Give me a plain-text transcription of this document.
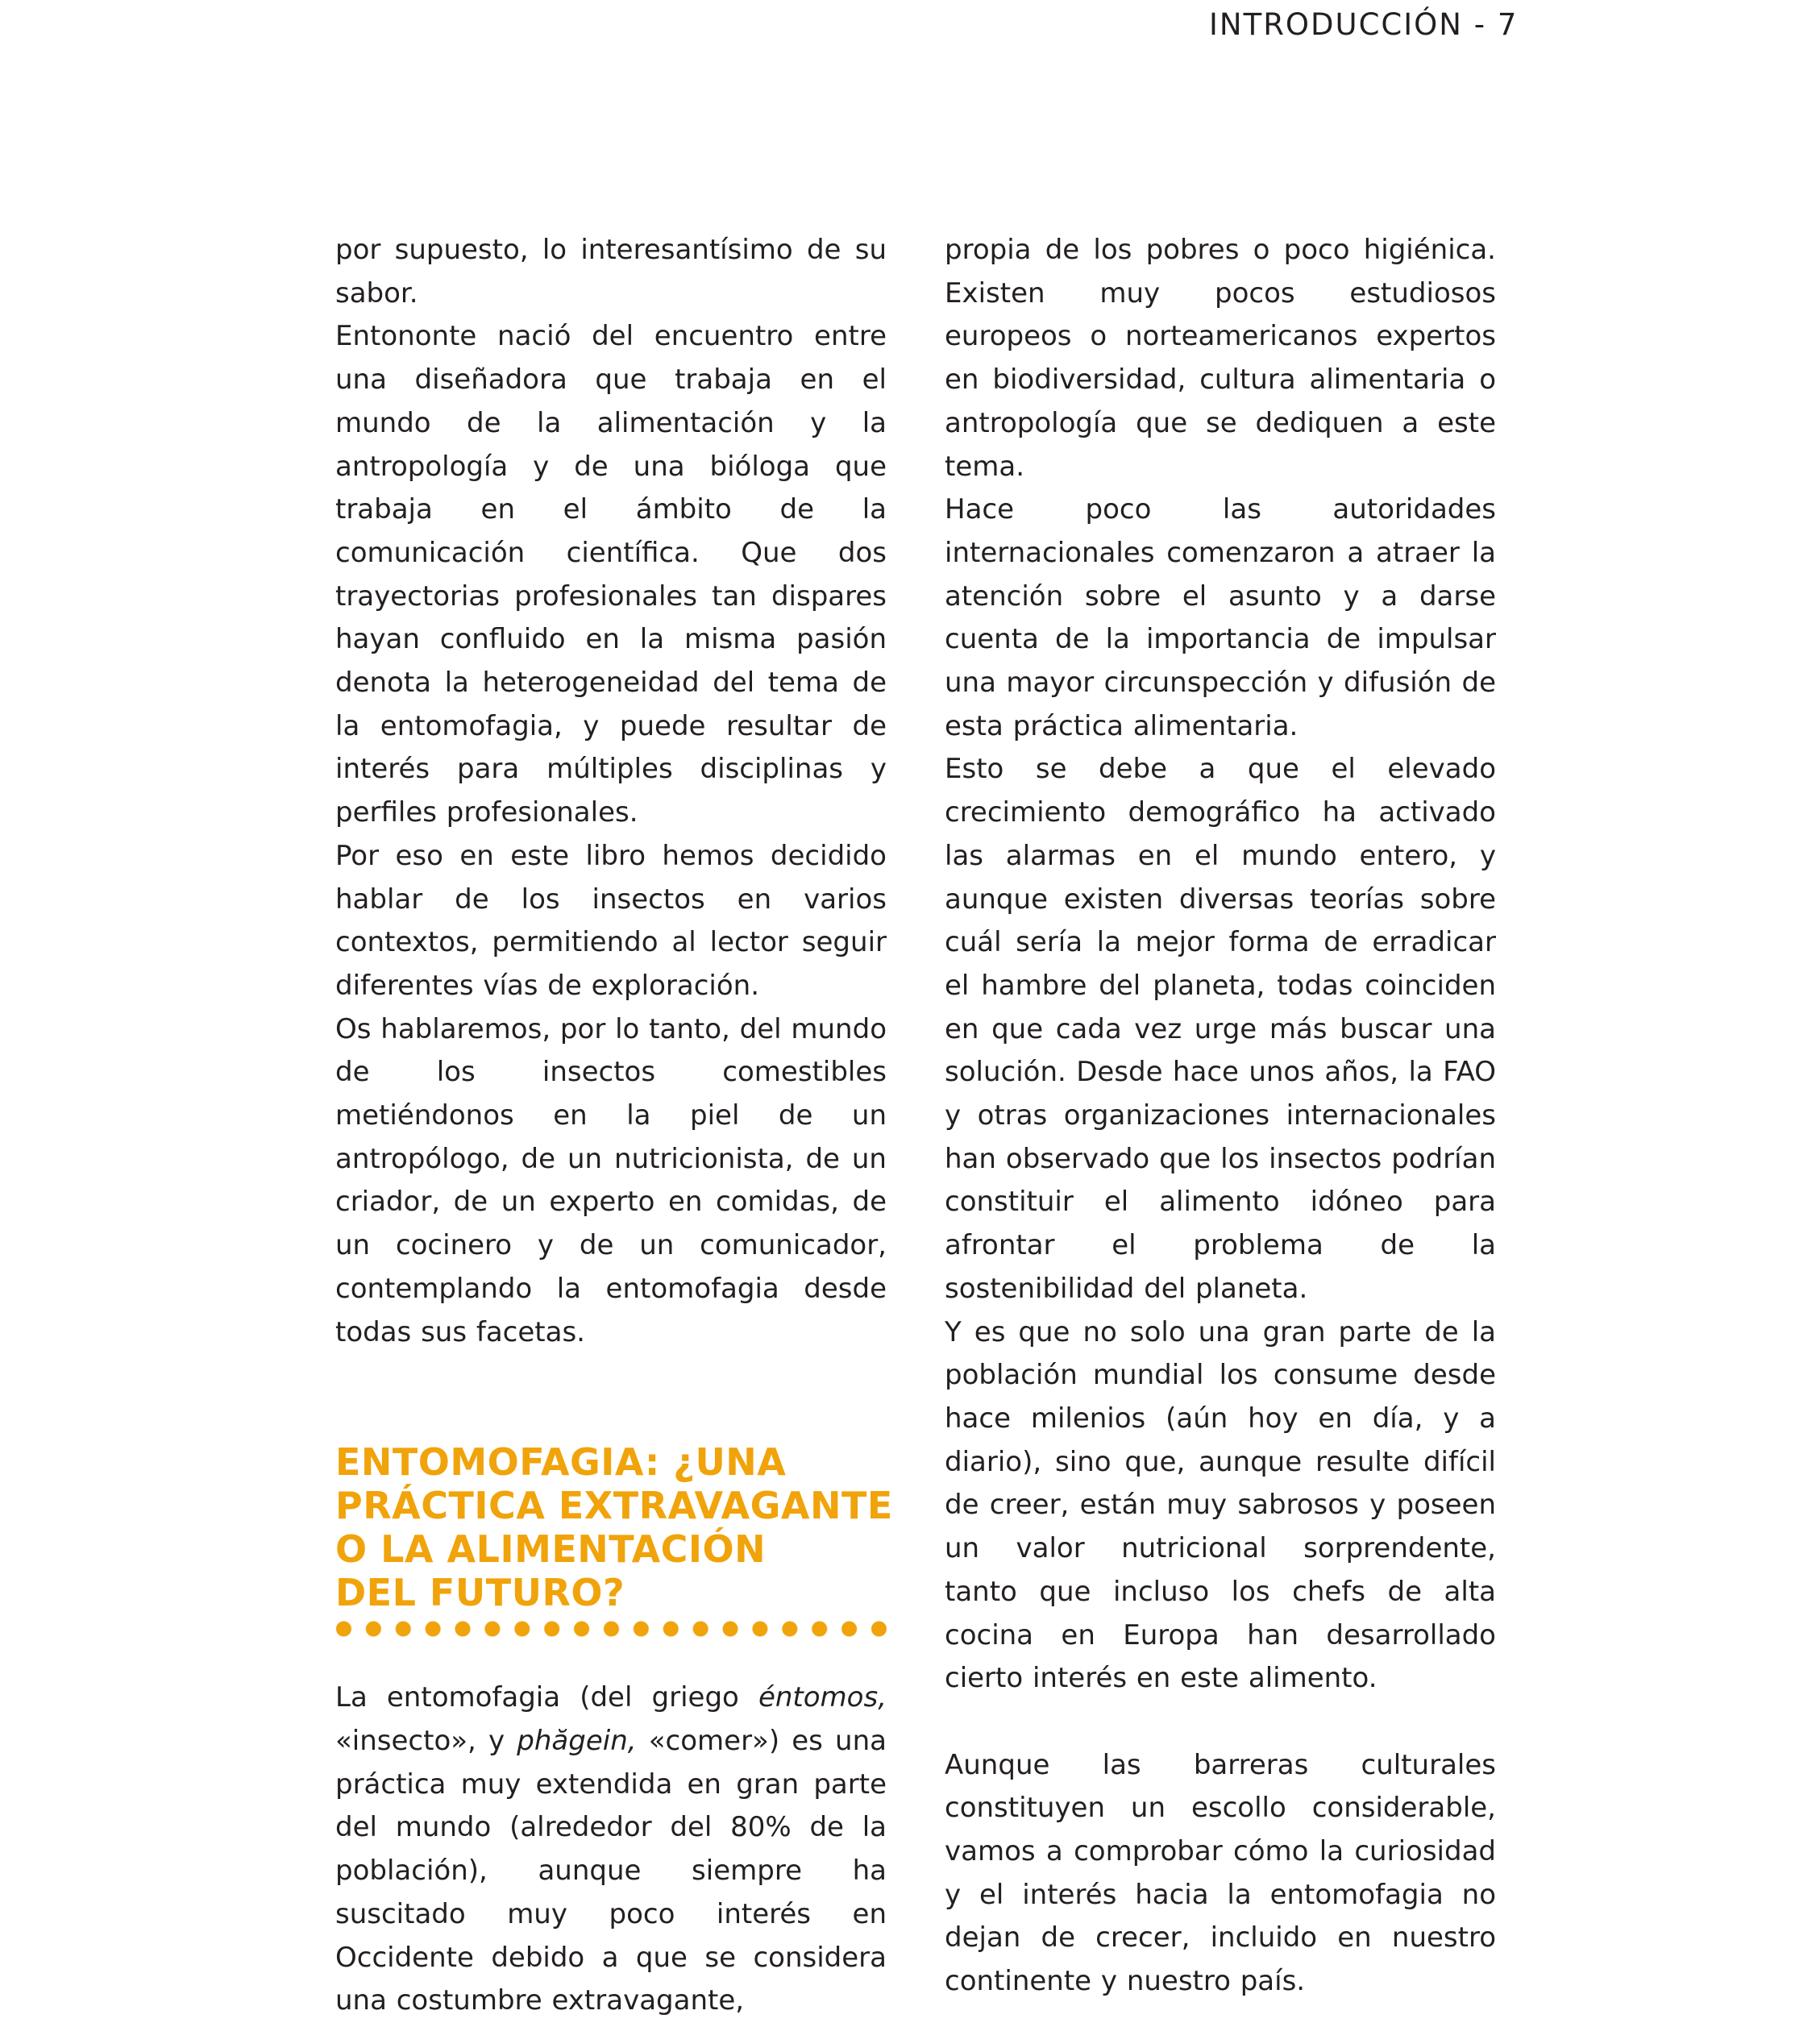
INTRODUCCIÓN - 7

por supuesto, lo interesantísimo de su sabor.

Entononte nació del encuentro entre una diseñadora que trabaja en el mundo de la alimentación y la antropología y de una bióloga que trabaja en el ámbito de la comunicación científica. Que dos trayectorias profesionales tan dispares hayan confluido en la misma pasión denota la heterogeneidad del tema de la entomofagia, y puede resultar de interés para múltiples disciplinas y perfiles profesionales.

Por eso en este libro hemos decidido hablar de los insectos en varios contextos, permitiendo al lector seguir diferentes vías de exploración.

Os hablaremos, por lo tanto, del mundo de los insectos comestibles metiéndonos en la piel de un antropólogo, de un nutricionista, de un criador, de un experto en comidas, de un cocinero y de un comunicador, contemplando la entomofagia desde todas sus facetas.

ENTOMOFAGIA: ¿UNA
PRÁCTICA EXTRAVAGANTE
O LA ALIMENTACIÓN
DEL FUTURO?

La entomofagia (del griego éntomos, «insecto», y phăgein, «comer») es una práctica muy extendida en gran parte del mundo (alrededor del 80% de la población), aunque siempre ha suscitado muy poco interés en Occidente debido a que se considera una costumbre extravagante,

propia de los pobres o poco higiénica. Existen muy pocos estudiosos europeos o norteamericanos expertos en biodiversidad, cultura alimentaria o antropología que se dediquen a este tema.

Hace poco las autoridades internacionales comenzaron a atraer la atención sobre el asunto y a darse cuenta de la importancia de impulsar una mayor circunspección y difusión de esta práctica alimentaria.

Esto se debe a que el elevado crecimiento demográfico ha activado las alarmas en el mundo entero, y aunque existen diversas teorías sobre cuál sería la mejor forma de erradicar el hambre del planeta, todas coinciden en que cada vez urge más buscar una solución. Desde hace unos años, la FAO y otras organizaciones internacionales han observado que los insectos podrían constituir el alimento idóneo para afrontar el problema de la sostenibilidad del planeta.

Y es que no solo una gran parte de la población mundial los consume desde hace milenios (aún hoy en día, y a diario), sino que, aunque resulte difícil de creer, están muy sabrosos y poseen un valor nutricional sorprendente, tanto que incluso los chefs de alta cocina en Europa han desarrollado cierto interés en este alimento.

Aunque las barreras culturales constituyen un escollo considerable, vamos a comprobar cómo la curiosidad y el interés hacia la entomofagia no dejan de crecer, incluido en nuestro continente y nuestro país.
